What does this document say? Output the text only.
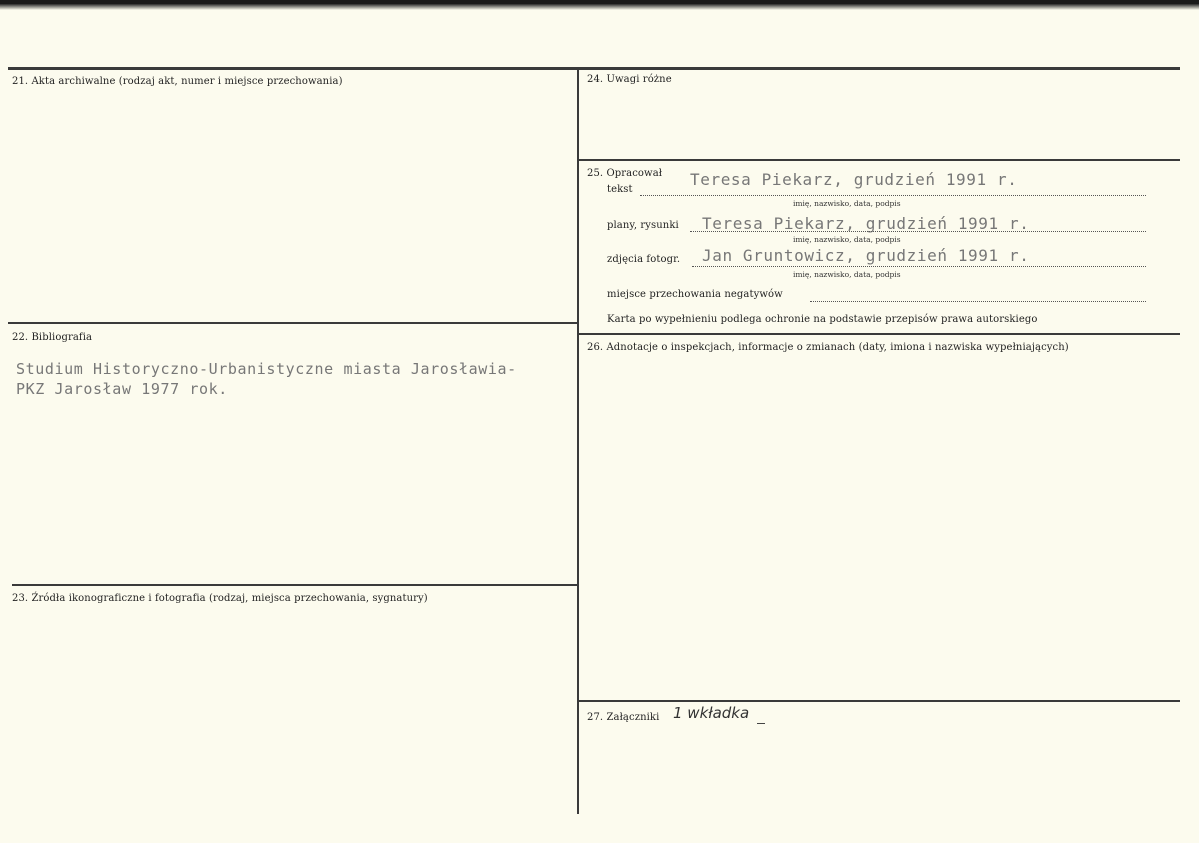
21. Akta archiwalne (rodzaj akt, numer i miejsce przechowania)
22. Bibliografia
Studium Historyczno-Urbanistyczne miasta Jarosławia-
PKZ Jarosław 1977 rok.
23. Źródła ikonograficzne i fotografia (rodzaj, miejsca przechowania, sygnatury)
24. Uwagi różne
25. Opracował
tekst
Teresa Piekarz, grudzień 1991 r.
imię, nazwisko, data, podpis
plany, rysunki Teresa Piekarz, grudzień 1991 r.
imię, nazwisko, data, podpis
zdjęcia fotogr. Jan Gruntowicz, grudzień 1991 r.
imię, nazwisko, data, podpis
miejsce przechowania negatywów
Karta po wypełnieniu podlega ochronie na podstawie przepisów prawa autorskiego
26. Adnotacje o inspekcjach, informacje o zmianach (daty, imiona i nazwiska wypełniających)
27. Załączniki 1 wkładka
